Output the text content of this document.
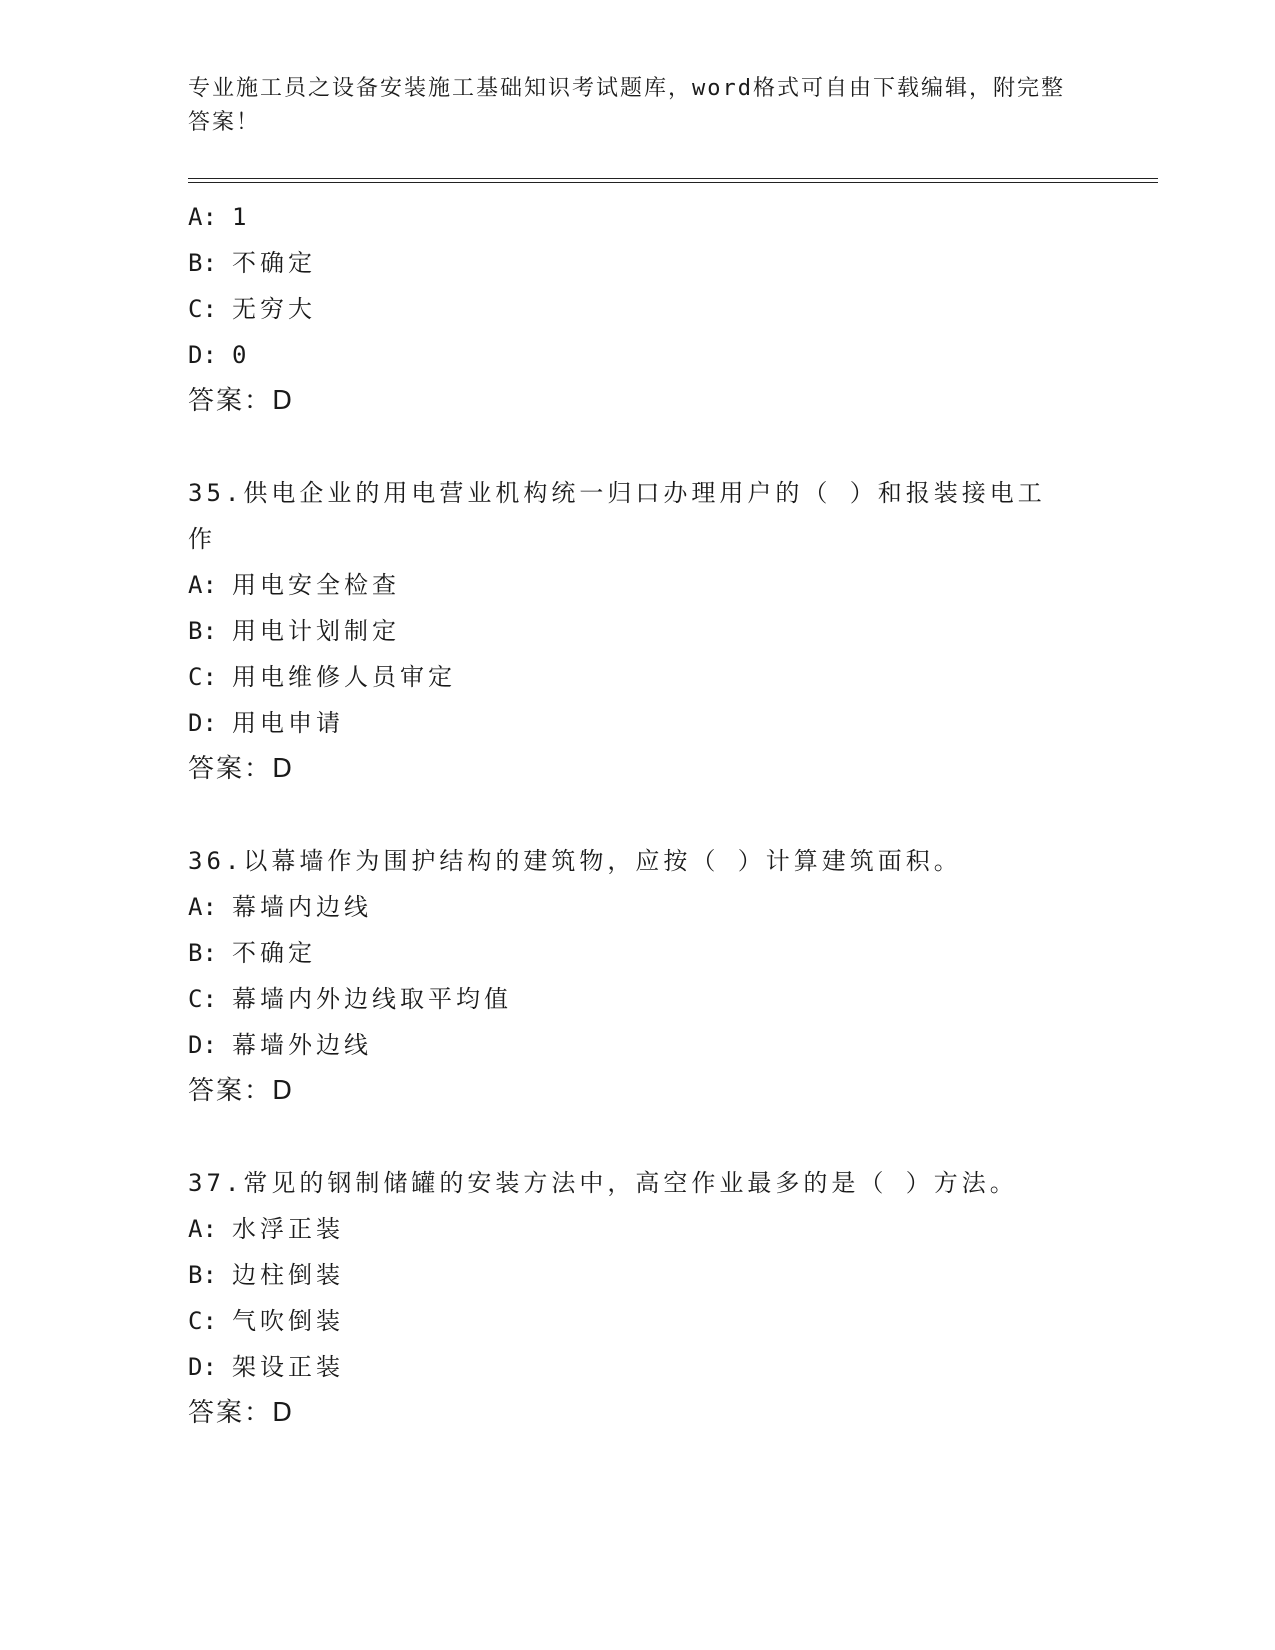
专业施工员之设备安装施工基础知识考试题库，word格式可自由下载编辑，附完整答案！
A: 1
B: 不确定
C: 无穷大
D: 0
答案：D
35.供电企业的用电营业机构统一归口办理用户的（ ）和报装接电工作
A: 用电安全检查
B: 用电计划制定
C: 用电维修人员审定
D: 用电申请
答案：D
36.以幕墙作为围护结构的建筑物，应按（ ）计算建筑面积。
A: 幕墙内边线
B: 不确定
C: 幕墙内外边线取平均值
D: 幕墙外边线
答案：D
37.常见的钢制储罐的安装方法中，高空作业最多的是（ ）方法。
A: 水浮正装
B: 边柱倒装
C: 气吹倒装
D: 架设正装
答案：D
